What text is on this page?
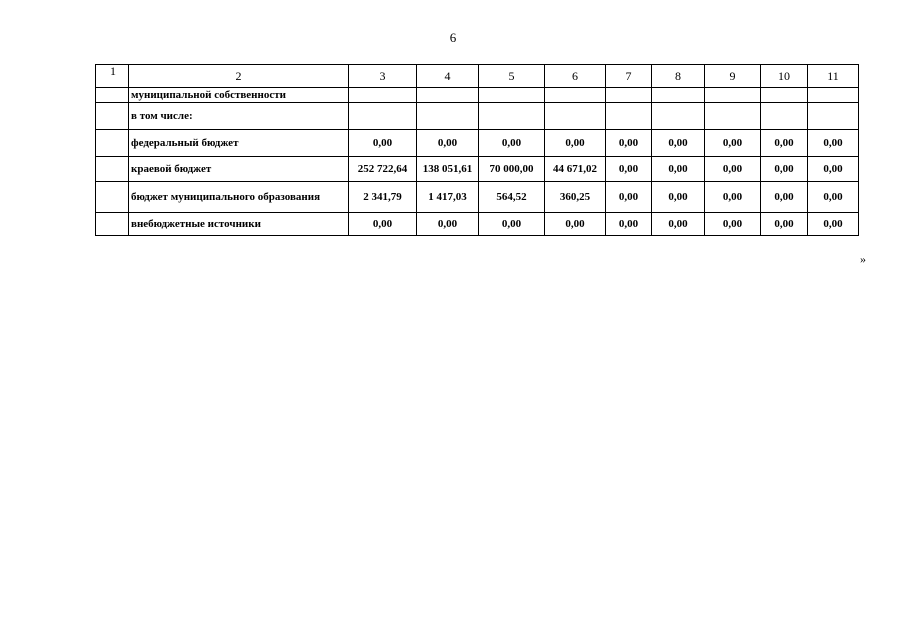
6
1	2	3	4	5	6	7	8	9	10	11
	муниципальной собственности									
	в том числе:									
	федеральный бюджет	0,00	0,00	0,00	0,00	0,00	0,00	0,00	0,00	0,00
	краевой бюджет	252 722,64	138 051,61	70 000,00	44 671,02	0,00	0,00	0,00	0,00	0,00
	бюджет муниципального образования	2 341,79	1 417,03	564,52	360,25	0,00	0,00	0,00	0,00	0,00
	внебюджетные источники	0,00	0,00	0,00	0,00	0,00	0,00	0,00	0,00	0,00
»
